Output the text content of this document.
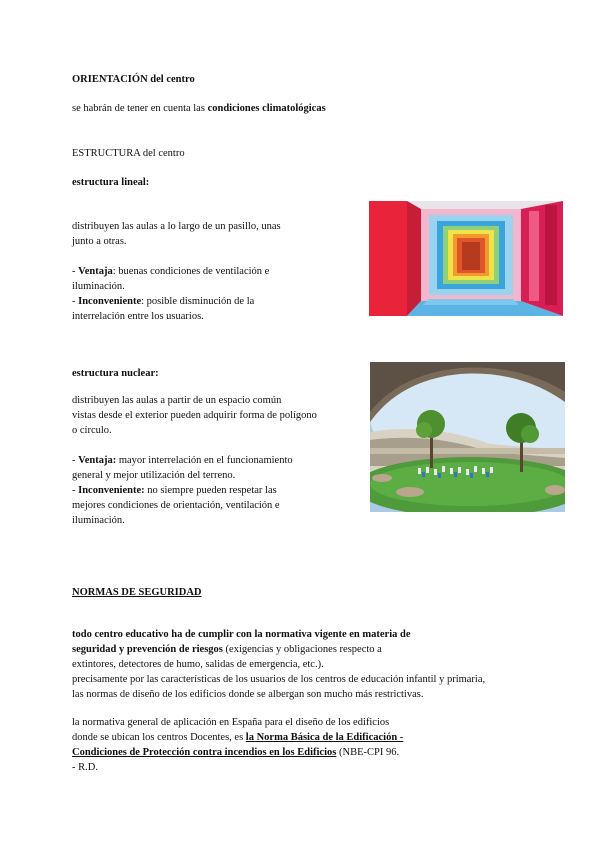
ORIENTACIÓN del centro
se habrán de tener en cuenta las condiciones climatológicas
ESTRUCTURA del centro
estructura lineal:
distribuyen las aulas a lo largo de un pasillo, unas
junto a otras.
- Ventaja: buenas condiciones de ventilación e
iluminación.
- Inconveniente: posible disminución de la
interrelación entre los usuarios.
estructura nuclear:
distribuyen las aulas a partir de un espacio común
vistas desde el exterior pueden adquirir forma de polígono
o círculo.
- Ventaja: mayor interrelación en el funcionamiento
general y mejor utilización del terreno.
- Inconveniente: no siempre pueden respetar las
mejores condiciones de orientación, ventilación e
iluminación.
NORMAS DE SEGURIDAD
todo centro educativo ha de cumplir con la normativa vigente en materia de
seguridad y prevención de riesgos (exigencias y obligaciones respecto a
extintores, detectores de humo, salidas de emergencia, etc.).
precisamente por las características de los usuarios de los centros de educación infantil y primaria,
las normas de diseño de los edificios donde se albergan son mucho más restrictivas.
la normativa general de aplicación en España para el diseño de los edificios
donde se ubican los centros Docentes, es la Norma Básica de la Edificación -
Condiciones de Protección contra incendios en los Edificios (NBE-CPI 96.
- R.D.
